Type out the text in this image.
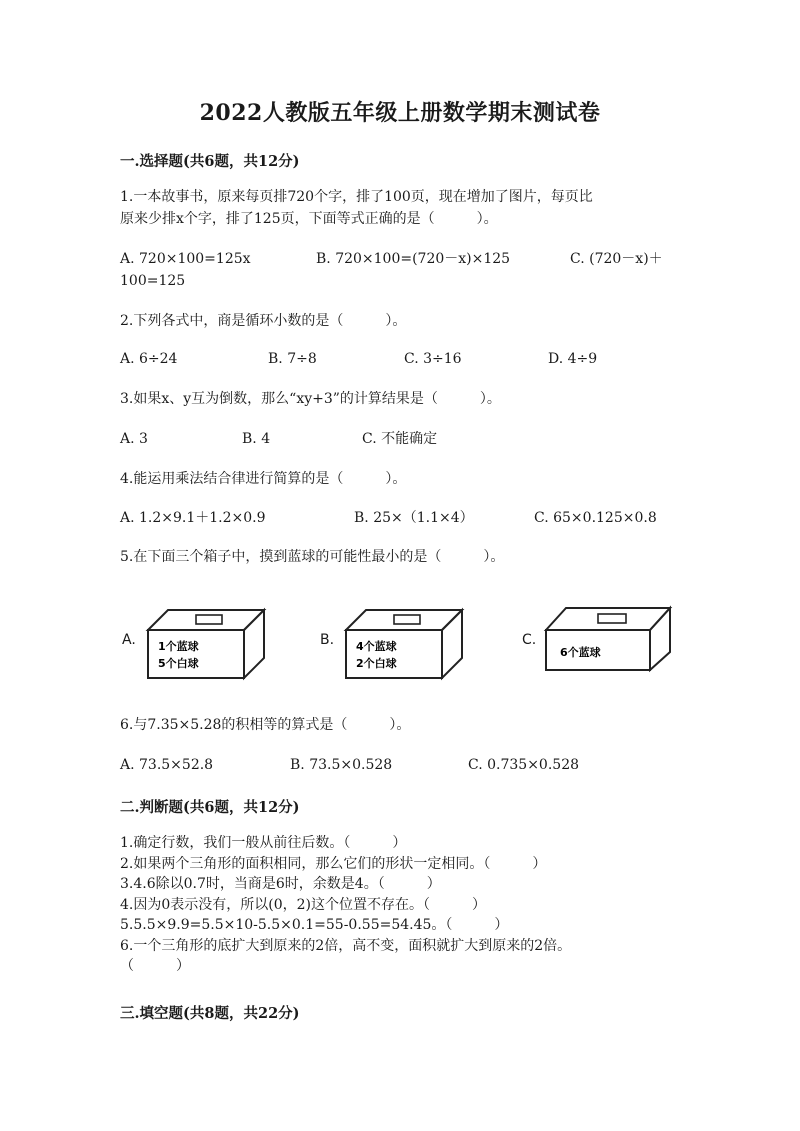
2022人教版五年级上册数学期末测试卷
一.选择题(共6题，共12分)
1.一本故事书，原来每页排720个字，排了100页，现在增加了图片，每页比
原来少排x个字，排了125页，下面等式正确的是（　　　）。
A. 720×100=125x	B. 720×100=(720－x)×125	C. (720－x)＋
100=125
2.下列各式中，商是循环小数的是（　　　）。
A. 6÷24	B. 7÷8	C. 3÷16	D. 4÷9
3.如果x、y互为倒数，那么“xy+3”的计算结果是（　　　）。
A. 3	B. 4	C. 不能确定
4.能运用乘法结合律进行简算的是（　　　）。
A. 1.2×9.1＋1.2×0.9	B. 25×（1.1×4）	C. 65×0.125×0.8
5.在下面三个箱子中，摸到蓝球的可能性最小的是（　　　）。
A. 1个蓝球
5个白球
B. 4个蓝球
2个白球
C.
6个蓝球
6.与7.35×5.28的积相等的算式是（　　　）。
A. 73.5×52.8	B. 73.5×0.528	C. 0.735×0.528
二.判断题(共6题，共12分)
1.确定行数，我们一般从前往后数。（　　　）
2.如果两个三角形的面积相同，那么它们的形状一定相同。（　　　）
3.4.6除以0.7时，当商是6时，余数是4。（　　　）
4.因为0表示没有，所以(0，2)这个位置不存在。（　　　）
5.5.5×9.9=5.5×10-5.5×0.1=55-0.55=54.45。（　　　）
6.一个三角形的底扩大到原来的2倍，高不变，面积就扩大到原来的2倍。
（　　　）
三.填空题(共8题，共22分)
